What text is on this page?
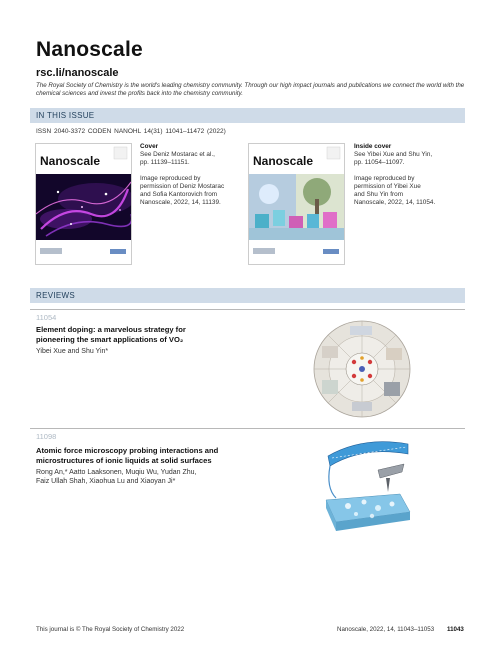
Nanoscale
rsc.li/nanoscale
The Royal Society of Chemistry is the world's leading chemistry community. Through our high impact journals and publications we connect the world with the chemical sciences and invest the profits back into the chemistry community.
IN THIS ISSUE
ISSN 2040-3372 CODEN NANOHL 14(31) 11041–11472 (2022)
Nanoscale

Cover

See Deniz Mostarac et al.,

pp. 11139–11151.

Image reproduced by

permission of Deniz Mostarac

and Sofia Kantorovich from

Nanoscale, 2022, 14, 11139.

Nanoscale

Inside cover

See Yibei Xue and Shu Yin,

pp. 11054–11097.

Image reproduced by

permission of Yibei Xue

and Shu Yin from

Nanoscale, 2022, 14, 11054.

REVIEWS
11054
Element doping: a marvelous strategy for
pioneering the smart applications of VO₂
Yibei Xue and Shu Yin*
11098
Atomic force microscopy probing interactions and
microstructures of ionic liquids at solid surfaces
Rong An,* Aatto Laaksonen, Muqiu Wu, Yudan Zhu,
Faiz Ullah Shah, Xiaohua Lu and Xiaoyan Ji*
This journal is © The Royal Society of Chemistry 2022	Nanoscale, 2022, 14, 11043–11053 11043
